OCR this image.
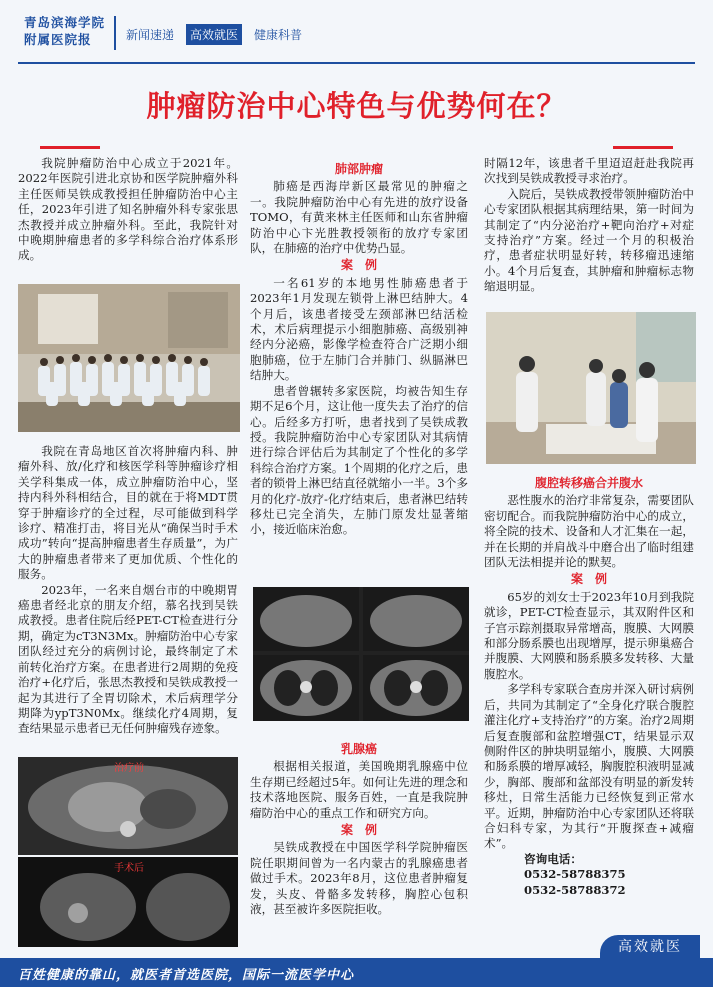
青岛滨海学院
附属医院报	新闻速递	高效就医	健康科普
肿瘤防治中心特色与优势何在？

我院肿瘤防治中心成立于2021年。2022年医院引进北京协和医学院肿瘤外科主任医师吴铁成教授担任肿瘤防治中心主任，2023年引进了知名肿瘤外科专家张思杰教授并成立肿瘤外科。至此，我院针对中晚期肿瘤患者的多学科综合治疗体系形成。

我院在青岛地区首次将肿瘤内科、肿瘤外科、放/化疗和核医学科等肿瘤诊疗相关学科集成一体，成立肿瘤防治中心，坚持内科外科相结合，目的就在于将MDT贯穿于肿瘤诊疗的全过程，尽可能做到科学诊疗、精准打击，将目光从“确保当时手术成功”转向“提高肿瘤患者生存质量”，为广大的肿瘤患者带来了更加优质、个性化的服务。

2023年，一名来自烟台市的中晚期胃癌患者经北京的朋友介绍，慕名找到吴铁成教授。患者住院后经PET-CT检查进行分期，确定为cT3N3Mx。肿瘤防治中心专家团队经过充分的病例讨论，最终制定了术前转化治疗方案。在患者进行2周期的免疫治疗+化疗后，张思杰教授和吴铁成教授一起为其进行了全胃切除术，术后病理学分期降为ypT3N0Mx。继续化疗4周期，复查结果显示患者已无任何肿瘤残存迹象。

治疗前
手术后
肺部肿瘤

肺癌是西海岸新区最常见的肿瘤之一。我院肿瘤防治中心有先进的放疗设备TOMO，有黄来林主任医师和山东省肿瘤防治中心卞光胜教授领衔的放疗专家团队，在肺癌的治疗中优势凸显。

案　例

一名61岁的本地男性肺癌患者于2023年1月发现左锁骨上淋巴结肿大。4个月后，该患者接受左颈部淋巴结活检术，术后病理提示小细胞肺癌、高级别神经内分泌癌，影像学检查符合广泛期小细胞肺癌，位于左肺门合并肺门、纵膈淋巴结肿大。

患者曾辗转多家医院，均被告知生存期不足6个月，这让他一度失去了治疗的信心。后经多方打听，患者找到了吴铁成教授。我院肿瘤防治中心专家团队对其病情进行综合评估后为其制定了个性化的多学科综合治疗方案。1个周期的化疗之后，患者的锁骨上淋巴结直径就缩小一半。3个多月的化疗-放疗-化疗结束后，患者淋巴结转移灶已完全消失，左肺门原发灶显著缩小，接近临床治愈。

乳腺癌

根据相关报道，美国晚期乳腺癌中位生存期已经超过5年。如何让先进的理念和技术落地医院、服务百姓，一直是我院肿瘤防治中心的重点工作和研究方向。

案　例

吴铁成教授在中国医学科学院肿瘤医院任职期间曾为一名内蒙古的乳腺癌患者做过手术。2023年8月，这位患者肿瘤复发，头皮、骨骼多发转移，胸腔心包积液，甚至被许多医院拒收。

时隔12年，该患者千里迢迢赶赴我院再次找到吴铁成教授寻求治疗。

入院后，吴铁成教授带领肿瘤防治中心专家团队根据其病理结果，第一时间为其制定了“内分泌治疗+靶向治疗+对症支持治疗”方案。经过一个月的积极治疗，患者症状明显好转，转移瘤迅速缩小。4个月后复查，其肿瘤和肿瘤标志物缩退明显。

腹腔转移癌合并腹水

恶性腹水的治疗非常复杂，需要团队密切配合。而我院肿瘤防治中心的成立，将全院的技术、设备和人才汇集在一起，并在长期的并肩战斗中磨合出了临时组建团队无法相提并论的默契。

案　例

65岁的刘女士于2023年10月到我院就诊，PET-CT检查显示，其双附件区和子宫示踪剂摄取异常增高，腹膜、大网膜和部分肠系膜也出现增厚，提示卵巢癌合并腹膜、大网膜和肠系膜多发转移、大量腹腔水。

多学科专家联合查房并深入研讨病例后，共同为其制定了“全身化疗联合腹腔灌注化疗+支持治疗”的方案。治疗2周期后复查腹部和盆腔增强CT，结果显示双侧附件区的肿块明显缩小，腹膜、大网膜和肠系膜的增厚减轻，胸腹腔积液明显减少，胸部、腹部和盆部没有明显的新发转移灶，日常生活能力已经恢复到正常水平。近期，肿瘤防治中心专家团队还将联合妇科专家，为其行“开腹探查+减瘤术”。

咨询电话：

0532-58788375

0532-58788372

高效就医
百姓健康的靠山，就医者首选医院，国际一流医学中心
